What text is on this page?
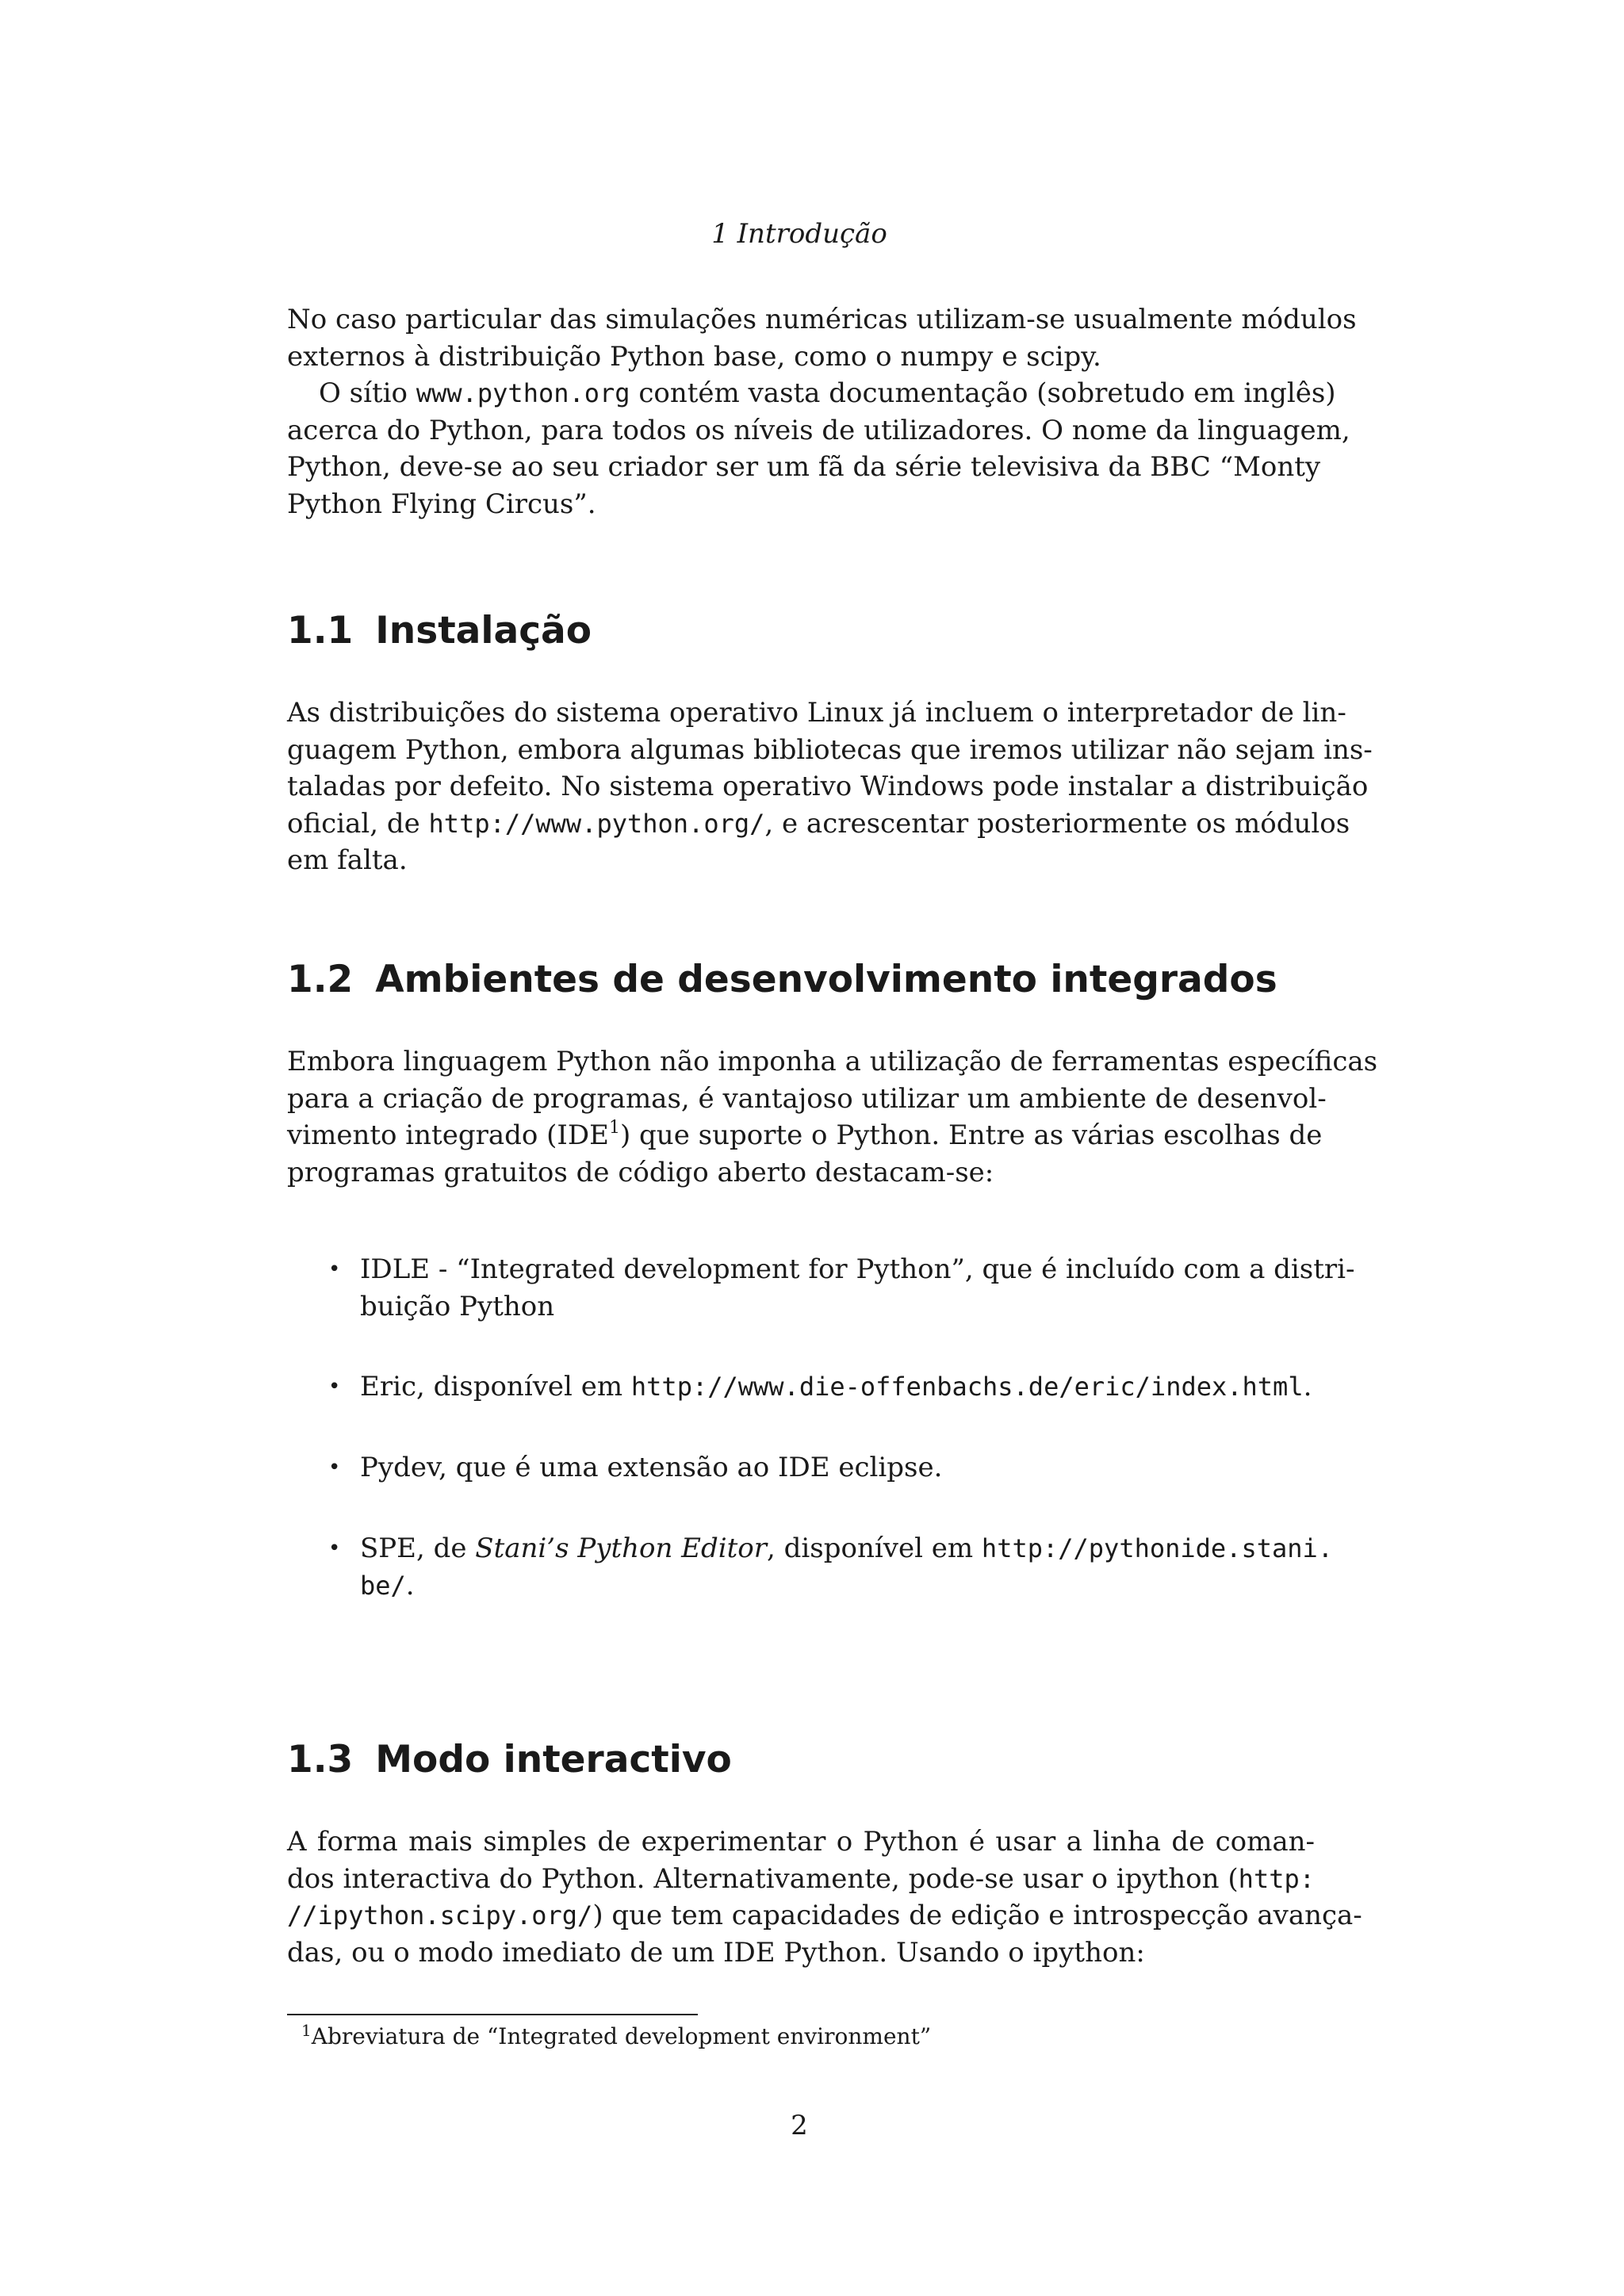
1 Introdução
No caso particular das simulações numéricas utilizam-se usualmente módulos
externos à distribuição Python base, como o numpy e scipy.
O sítio www.python.org contém vasta documentação (sobretudo em inglês)
acerca do Python, para todos os níveis de utilizadores. O nome da linguagem,
Python, deve-se ao seu criador ser um fã da série televisiva da BBC “Monty
Python Flying Circus”.
1.1 Instalação
As distribuições do sistema operativo Linux já incluem o interpretador de lin-
guagem Python, embora algumas bibliotecas que iremos utilizar não sejam ins-
taladas por defeito. No sistema operativo Windows pode instalar a distribuição
oficial, de http://www.python.org/, e acrescentar posteriormente os módulos
em falta.
1.2 Ambientes de desenvolvimento integrados
Embora linguagem Python não imponha a utilização de ferramentas específicas
para a criação de programas, é vantajoso utilizar um ambiente de desenvol-
vimento integrado (IDE$^1$) que suporte o Python. Entre as várias escolhas de
programas gratuitos de código aberto destacam-se:
• IDLE - “Integrated development for Python”, que é incluído com a distri-
buição Python
• Eric, disponível em http://www.die-offenbachs.de/eric/index.html.
• Pydev, que é uma extensão ao IDE eclipse.
• SPE, de Stani’s Python Editor, disponível em http://pythonide.stani.
be/.
1.3 Modo interactivo
A forma mais simples de experimentar o Python é usar a linha de coman-
dos interactiva do Python. Alternativamente, pode-se usar o ipython (http:
//ipython.scipy.org/) que tem capacidades de edição e introspecção avança-
das, ou o modo imediato de um IDE Python. Usando o ipython:
$^1$Abreviatura de “Integrated development environment”
2
